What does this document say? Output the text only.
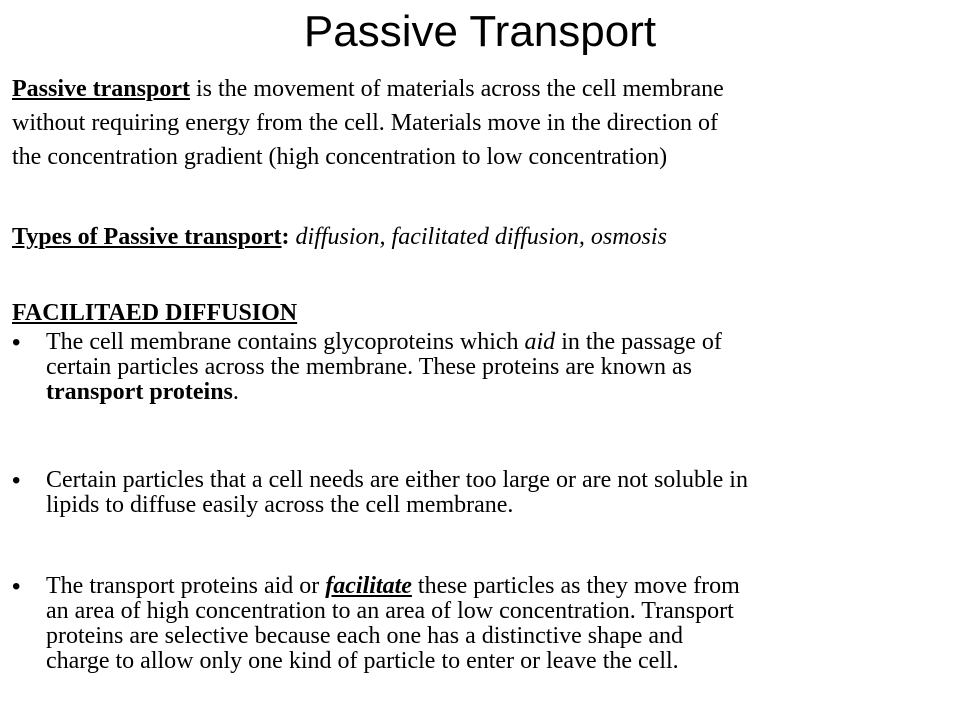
Passive Transport

Passive transport is the movement of materials across the cell membrane
without requiring energy from the cell. Materials move in the direction of
the concentration gradient (high concentration to low concentration)

Types of Passive transport: diffusion, facilitated diffusion, osmosis

FACILITAED DIFFUSION
•	The cell membrane contains glycoproteins which aid in the passage of
certain particles across the membrane. These proteins are known as
transport proteins.
•	Certain particles that a cell needs are either too large or are not soluble in
lipids to diffuse easily across the cell membrane.
•	The transport proteins aid or facilitate these particles as they move from
an area of high concentration to an area of low concentration. Transport
proteins are selective because each one has a distinctive shape and
charge to allow only one kind of particle to enter or leave the cell.
